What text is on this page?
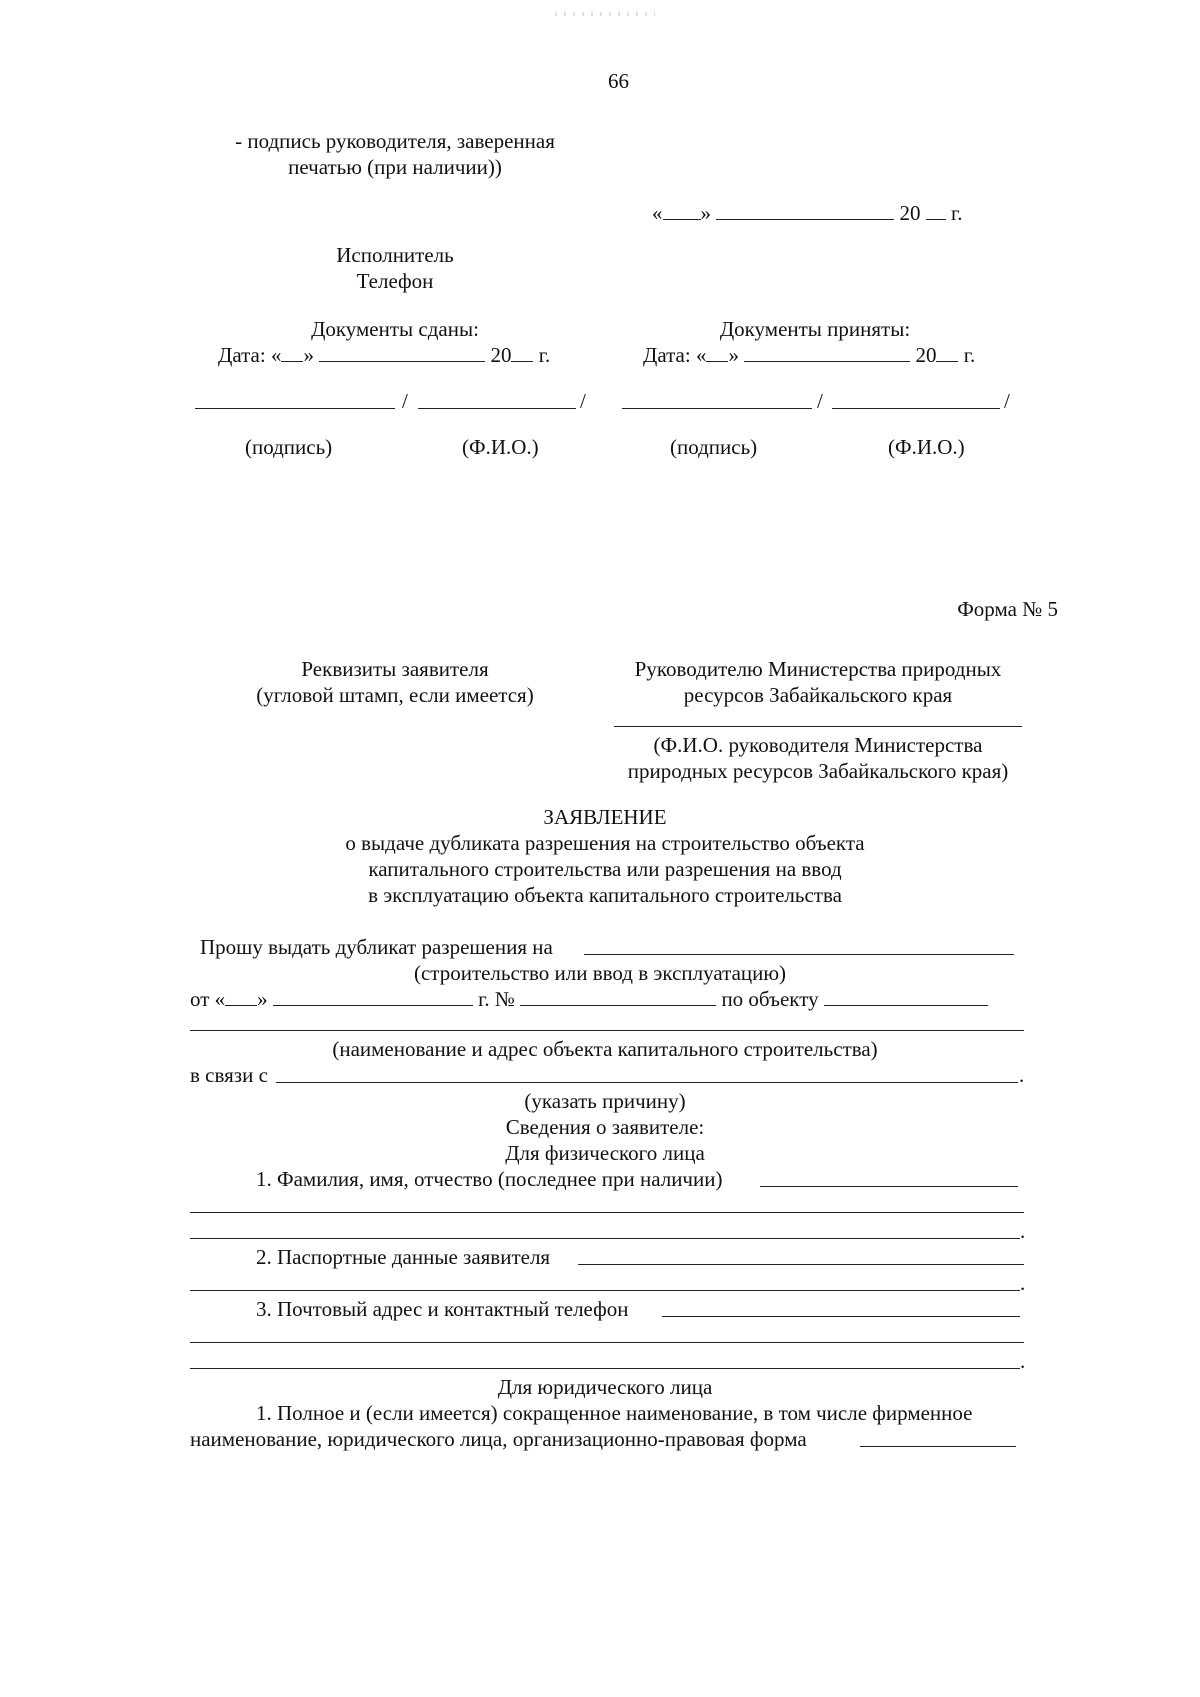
66
- подпись руководителя, заверенная
печатью (при наличии))
« »	20 г.
Исполнитель
Телефон
Документы сданы:
Дата: « »	20 г.
/	/
(подпись)	(Ф.И.О.)
Документы приняты:
Дата: « »	20 г.
/	/
(подпись)	(Ф.И.О.)
Форма № 5
Реквизиты заявителя
(угловой штамп, если имеется)
Руководителю Министерства природных
ресурсов Забайкальского края
(Ф.И.О. руководителя Министерства
природных ресурсов Забайкальского края)
ЗАЯВЛЕНИЕ
о выдаче дубликата разрешения на строительство объекта
капитального строительства или разрешения на ввод
в эксплуатацию объекта капитального строительства
Прошу выдать дубликат разрешения на
(строительство или ввод в эксплуатацию)
от « »	г. №	по объекту
(наименование и адрес объекта капитального строительства)
в связи с	.
(указать причину)
Сведения о заявителе:
Для физического лица
1. Фамилия, имя, отчество (последнее при наличии)
.
2. Паспортные данные заявителя
.
3. Почтовый адрес и контактный телефон
.
Для юридического лица
1. Полное и (если имеется) сокращенное наименование, в том числе фирменное
наименование, юридического лица, организационно-правовая форма
